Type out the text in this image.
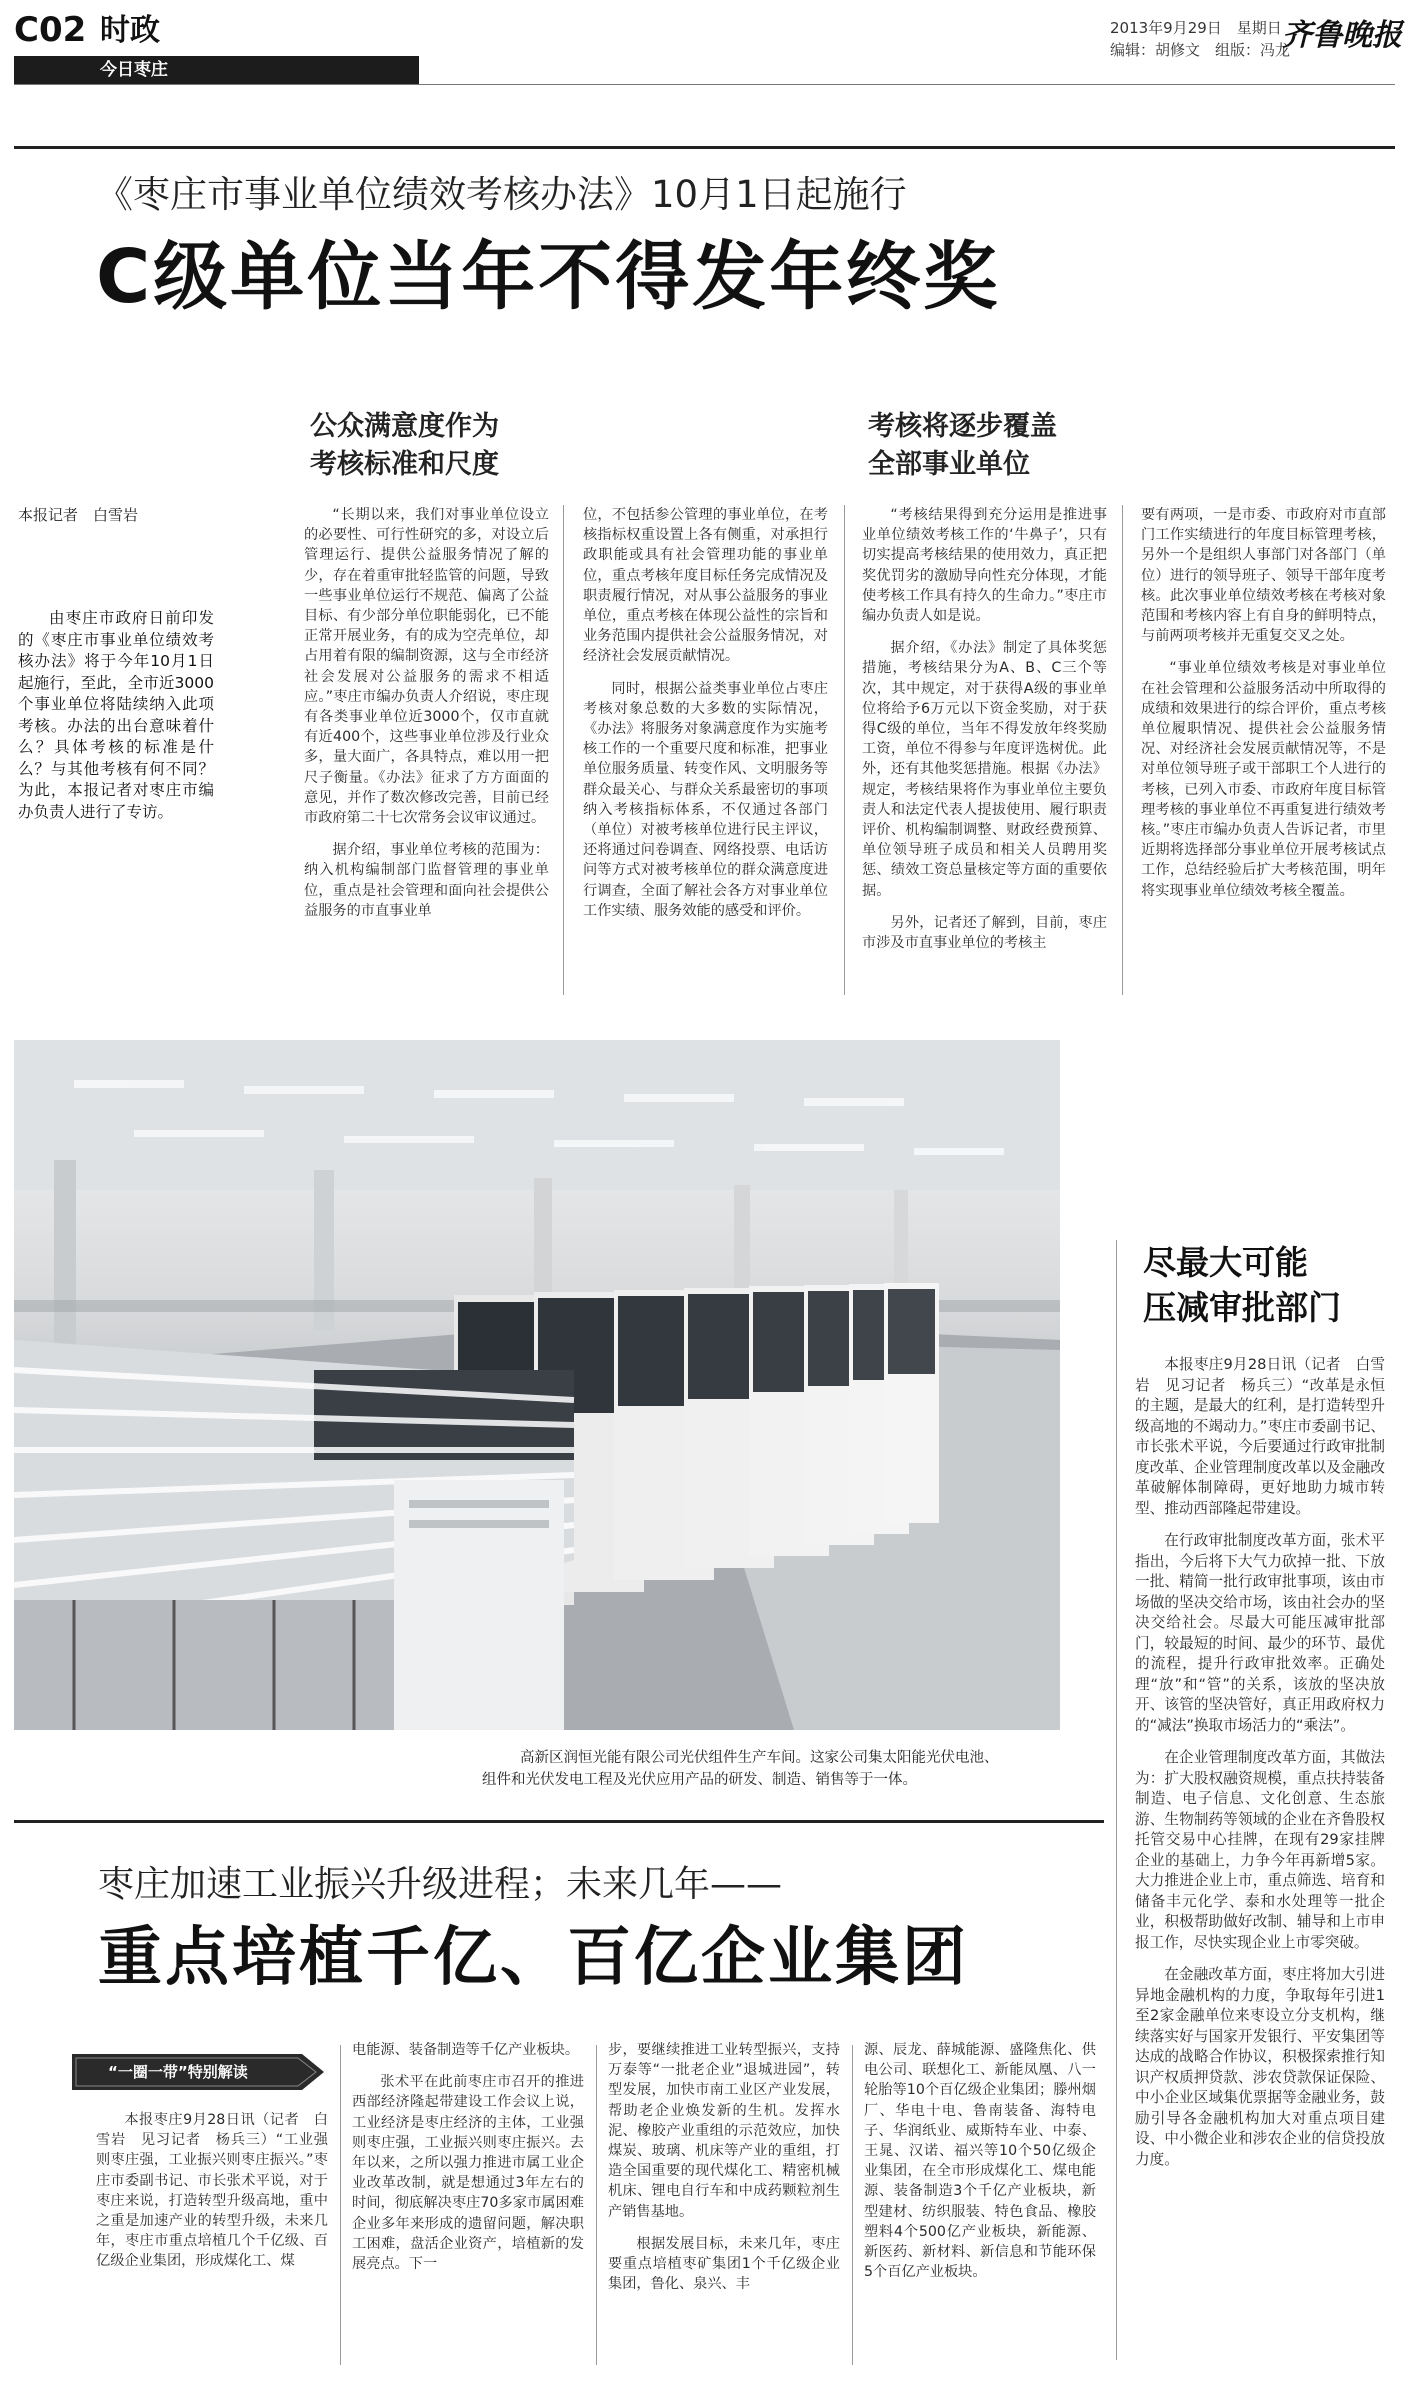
C02 时政
今日枣庄
2013年9月29日　星期日
编辑：胡修文　组版：冯龙
齐鲁晚报
《枣庄市事业单位绩效考核办法》10月1日起施行
C级单位当年不得发年终奖
本报记者　白雪岩

由枣庄市政府日前印发的《枣庄市事业单位绩效考核办法》将于今年10月1日起施行，至此，全市近3000个事业单位将陆续纳入此项考核。办法的出台意味着什么？具体考核的标准是什么？与其他考核有何不同？为此，本报记者对枣庄市编办负责人进行了专访。

公众满意度作为
考核标准和尺度
考核将逐步覆盖
全部事业单位

“长期以来，我们对事业单位设立的必要性、可行性研究的多，对设立后管理运行、提供公益服务情况了解的少，存在着重审批轻监管的问题，导致一些事业单位运行不规范、偏离了公益目标、有少部分单位职能弱化，已不能正常开展业务，有的成为空壳单位，却占用着有限的编制资源，这与全市经济社会发展对公益服务的需求不相适应。”枣庄市编办负责人介绍说，枣庄现有各类事业单位近3000个，仅市直就有近400个，这些事业单位涉及行业众多，量大面广，各具特点，难以用一把尺子衡量。《办法》征求了方方面面的意见，并作了数次修改完善，目前已经市政府第二十七次常务会议审议通过。

据介绍，事业单位考核的范围为：纳入机构编制部门监督管理的事业单位，重点是社会管理和面向社会提供公益服务的市直事业单

位，不包括参公管理的事业单位，在考核指标权重设置上各有侧重，对承担行政职能或具有社会管理功能的事业单位，重点考核年度目标任务完成情况及职责履行情况，对从事公益服务的事业单位，重点考核在体现公益性的宗旨和业务范围内提供社会公益服务情况，对经济社会发展贡献情况。

同时，根据公益类事业单位占枣庄考核对象总数的大多数的实际情况，《办法》将服务对象满意度作为实施考核工作的一个重要尺度和标准，把事业单位服务质量、转变作风、文明服务等群众最关心、与群众关系最密切的事项纳入考核指标体系，不仅通过各部门（单位）对被考核单位进行民主评议，还将通过问卷调查、网络投票、电话访问等方式对被考核单位的群众满意度进行调查，全面了解社会各方对事业单位工作实绩、服务效能的感受和评价。

“考核结果得到充分运用是推进事业单位绩效考核工作的‘牛鼻子’，只有切实提高考核结果的使用效力，真正把奖优罚劣的激励导向性充分体现，才能使考核工作具有持久的生命力。”枣庄市编办负责人如是说。

据介绍，《办法》制定了具体奖惩措施，考核结果分为A、B、C三个等次，其中规定，对于获得A级的事业单位将给予6万元以下资金奖励，对于获得C级的单位，当年不得发放年终奖励工资，单位不得参与年度评选树优。此外，还有其他奖惩措施。根据《办法》规定，考核结果将作为事业单位主要负责人和法定代表人提拔使用、履行职责评价、机构编制调整、财政经费预算、单位领导班子成员和相关人员聘用奖惩、绩效工资总量核定等方面的重要依据。

另外，记者还了解到，目前，枣庄市涉及市直事业单位的考核主

要有两项，一是市委、市政府对市直部门工作实绩进行的年度目标管理考核，另外一个是组织人事部门对各部门（单位）进行的领导班子、领导干部年度考核。此次事业单位绩效考核在考核对象范围和考核内容上有自身的鲜明特点，与前两项考核并无重复交叉之处。

“事业单位绩效考核是对事业单位在社会管理和公益服务活动中所取得的成绩和效果进行的综合评价，重点考核单位履职情况、提供社会公益服务情况、对经济社会发展贡献情况等，不是对单位领导班子或干部职工个人进行的考核，已列入市委、市政府年度目标管理考核的事业单位不再重复进行绩效考核。”枣庄市编办负责人告诉记者，市里近期将选择部分事业单位开展考核试点工作，总结经验后扩大考核范围，明年将实现事业单位绩效考核全覆盖。

高新区润恒光能有限公司光伏组件生产车间。这家公司集太阳能光伏电池、
组件和光伏发电工程及光伏应用产品的研发、制造、销售等于一体。
尽最大可能
压减审批部门

本报枣庄9月28日讯（记者　白雪岩　见习记者　杨兵三）“改革是永恒的主题，是最大的红利，是打造转型升级高地的不竭动力。”枣庄市委副书记、市长张术平说，今后要通过行政审批制度改革、企业管理制度改革以及金融改革破解体制障碍，更好地助力城市转型、推动西部隆起带建设。

在行政审批制度改革方面，张术平指出，今后将下大气力砍掉一批、下放一批、精简一批行政审批事项，该由市场做的坚决交给市场，该由社会办的坚决交给社会。尽最大可能压减审批部门，较最短的时间、最少的环节、最优的流程，提升行政审批效率。正确处理“放”和“管”的关系，该放的坚决放开、该管的坚决管好，真正用政府权力的“减法”换取市场活力的“乘法”。

在企业管理制度改革方面，其做法为：扩大股权融资规模，重点扶持装备制造、电子信息、文化创意、生态旅游、生物制药等领域的企业在齐鲁股权托管交易中心挂牌，在现有29家挂牌企业的基础上，力争今年再新增5家。大力推进企业上市，重点筛选、培育和储备丰元化学、泰和水处理等一批企业，积极帮助做好改制、辅导和上市申报工作，尽快实现企业上市零突破。

在金融改革方面，枣庄将加大引进异地金融机构的力度，争取每年引进1至2家金融单位来枣设立分支机构，继续落实好与国家开发银行、平安集团等达成的战略合作协议，积极探索推行知识产权质押贷款、涉农贷款保证保险、中小企业区域集优票据等金融业务，鼓励引导各金融机构加大对重点项目建设、中小微企业和涉农企业的信贷投放力度。

枣庄加速工业振兴升级进程；未来几年——
重点培植千亿、百亿企业集团
“一圈一带”特别解读

本报枣庄9月28日讯（记者　白雪岩　见习记者　杨兵三）“工业强则枣庄强，工业振兴则枣庄振兴。”枣庄市委副书记、市长张术平说，对于枣庄来说，打造转型升级高地，重中之重是加速产业的转型升级，未来几年，枣庄市重点培植几个千亿级、百亿级企业集团，形成煤化工、煤

电能源、装备制造等千亿产业板块。

张术平在此前枣庄市召开的推进西部经济隆起带建设工作会议上说，工业经济是枣庄经济的主体，工业强则枣庄强，工业振兴则枣庄振兴。去年以来，之所以强力推进市属工业企业改革改制，就是想通过3年左右的时间，彻底解决枣庄70多家市属困难企业多年来形成的遗留问题，解决职工困难，盘活企业资产，培植新的发展亮点。下一

步，要继续推进工业转型振兴，支持万泰等“一批老企业”退城进园”，转型发展，加快市南工业区产业发展，帮助老企业焕发新的生机。发挥水泥、橡胶产业重组的示范效应，加快煤炭、玻璃、机床等产业的重组，打造全国重要的现代煤化工、精密机械机床、锂电自行车和中成药颗粒剂生产销售基地。

根据发展目标，未来几年，枣庄要重点培植枣矿集团1个千亿级企业集团，鲁化、泉兴、丰

源、辰龙、薛城能源、盛隆焦化、供电公司、联想化工、新能凤凰、八一轮胎等10个百亿级企业集团；滕州烟厂、华电十电、鲁南装备、海特电子、华润纸业、威斯特车业、中泰、王晁、汉诺、福兴等10个50亿级企业集团，在全市形成煤化工、煤电能源、装备制造3个千亿产业板块，新型建材、纺织服装、特色食品、橡胶塑料4个500亿产业板块，新能源、新医药、新材料、新信息和节能环保5个百亿产业板块。
